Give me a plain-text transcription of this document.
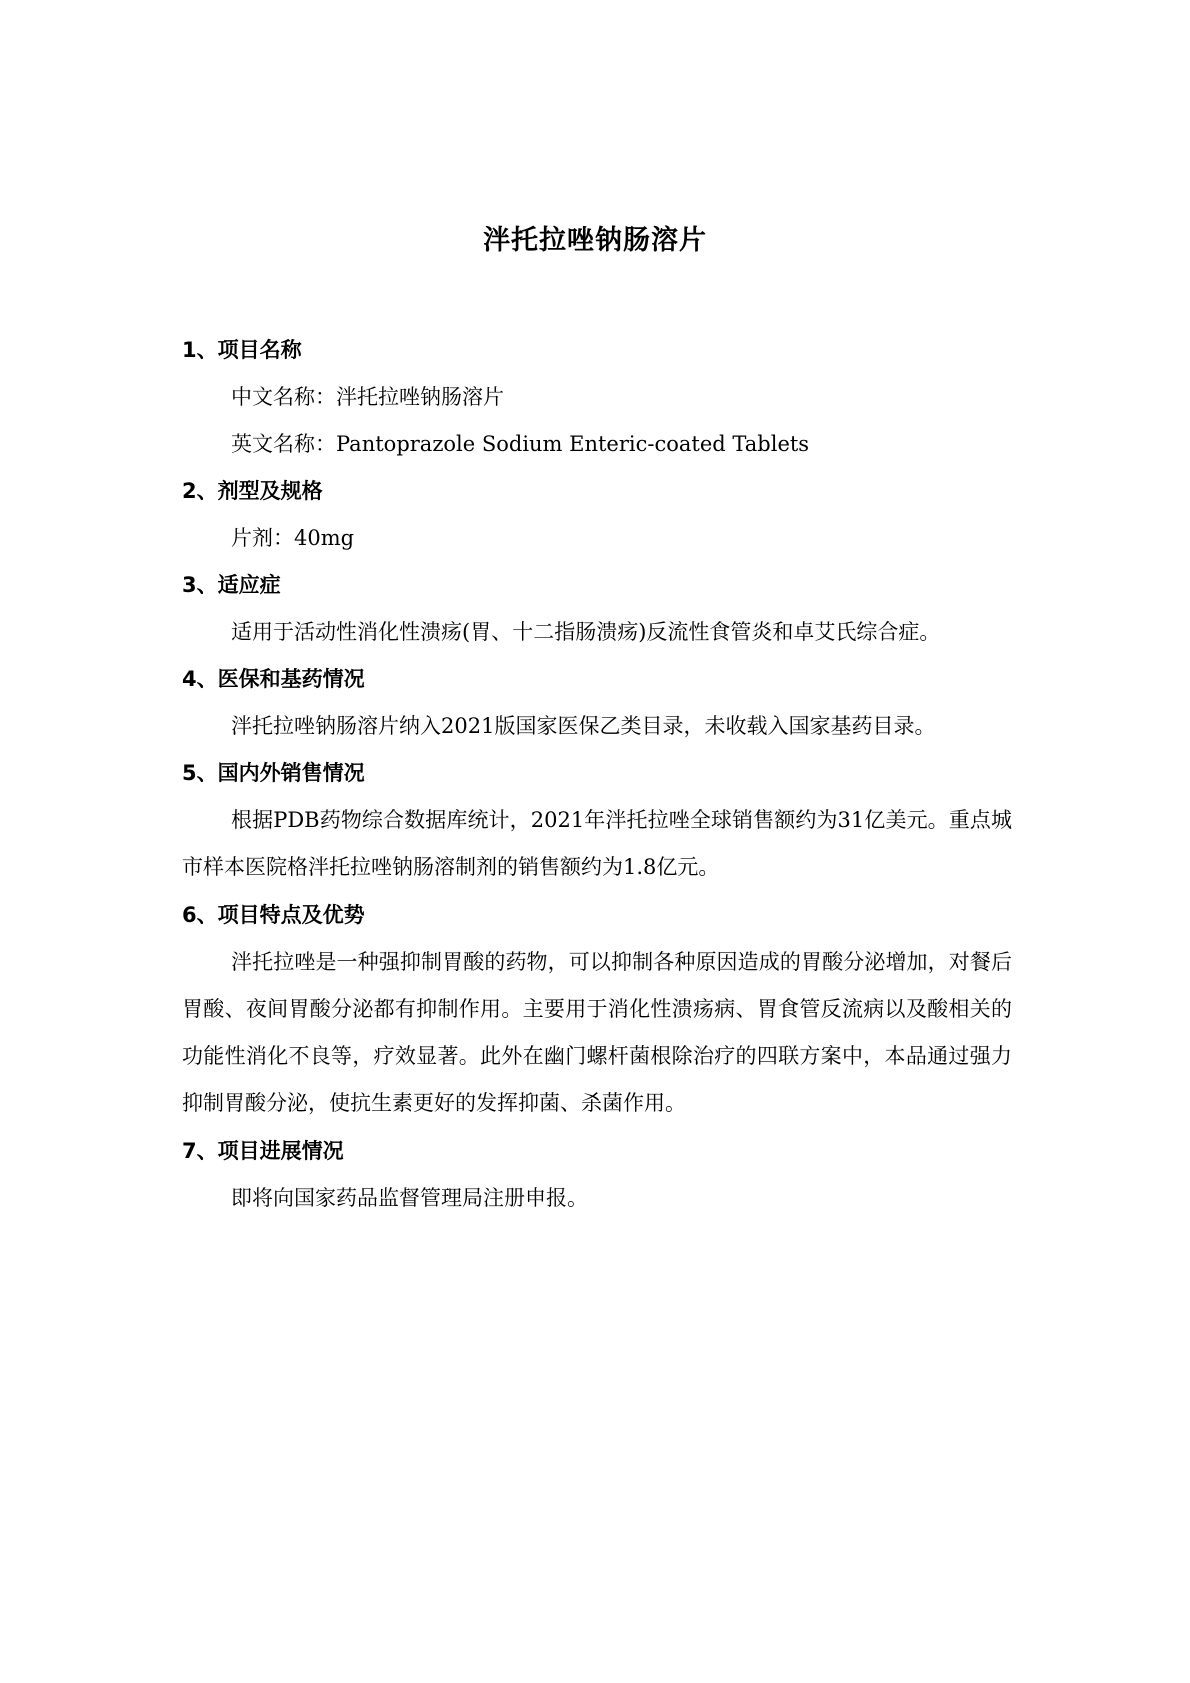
泮托拉唑钠肠溶片
1、项目名称
中文名称：泮托拉唑钠肠溶片
英文名称：Pantoprazole Sodium Enteric-coated Tablets
2、剂型及规格
片剂：40mg
3、适应症
适用于活动性消化性溃疡(胃、十二指肠溃疡)反流性食管炎和卓艾氏综合症。
4、医保和基药情况
泮托拉唑钠肠溶片纳入2021版国家医保乙类目录，未收载入国家基药目录。
5、国内外销售情况
根据PDB药物综合数据库统计，2021年泮托拉唑全球销售额约为31亿美元。重点城市样本医院格泮托拉唑钠肠溶制剂的销售额约为1.8亿元。
6、项目特点及优势
泮托拉唑是一种强抑制胃酸的药物，可以抑制各种原因造成的胃酸分泌增加，对餐后胃酸、夜间胃酸分泌都有抑制作用。主要用于消化性溃疡病、胃食管反流病以及酸相关的功能性消化不良等，疗效显著。此外在幽门螺杆菌根除治疗的四联方案中，本品通过强力抑制胃酸分泌，使抗生素更好的发挥抑菌、杀菌作用。
7、项目进展情况
即将向国家药品监督管理局注册申报。
